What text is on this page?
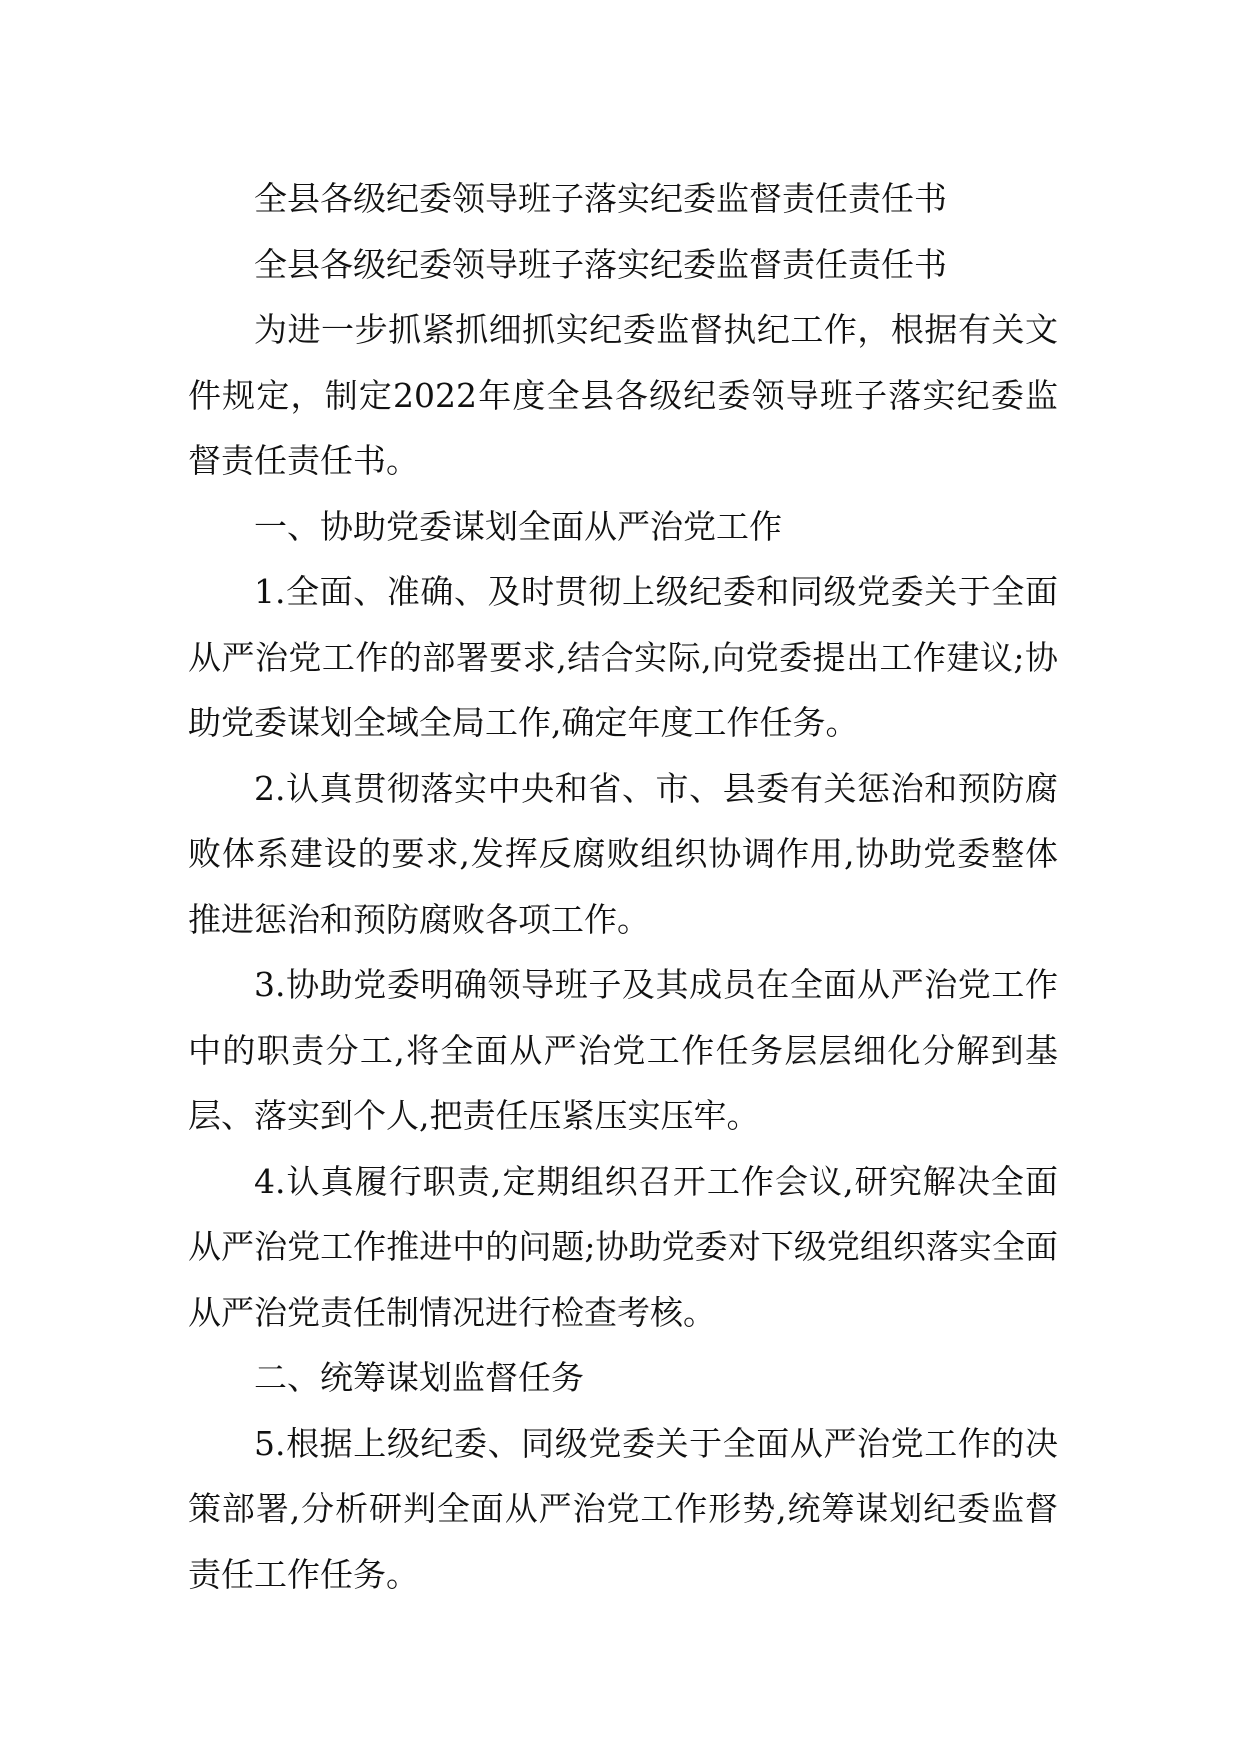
全县各级纪委领导班子落实纪委监督责任责任书

全县各级纪委领导班子落实纪委监督责任责任书

为进一步抓紧抓细抓实纪委监督执纪工作，根据有关文件规定，制定2022年度全县各级纪委领导班子落实纪委监督责任责任书。

一、协助党委谋划全面从严治党工作

1.全面、准确、及时贯彻上级纪委和同级党委关于全面从严治党工作的部署要求,结合实际,向党委提出工作建议;协助党委谋划全域全局工作,确定年度工作任务。

2.认真贯彻落实中央和省、市、县委有关惩治和预防腐败体系建设的要求,发挥反腐败组织协调作用,协助党委整体推进惩治和预防腐败各项工作。

3.协助党委明确领导班子及其成员在全面从严治党工作中的职责分工,将全面从严治党工作任务层层细化分解到基层、落实到个人,把责任压紧压实压牢。

4.认真履行职责,定期组织召开工作会议,研究解决全面从严治党工作推进中的问题;协助党委对下级党组织落实全面从严治党责任制情况进行检查考核。

二、统筹谋划监督任务

5.根据上级纪委、同级党委关于全面从严治党工作的决策部署,分析研判全面从严治党工作形势,统筹谋划纪委监督责任工作任务。
